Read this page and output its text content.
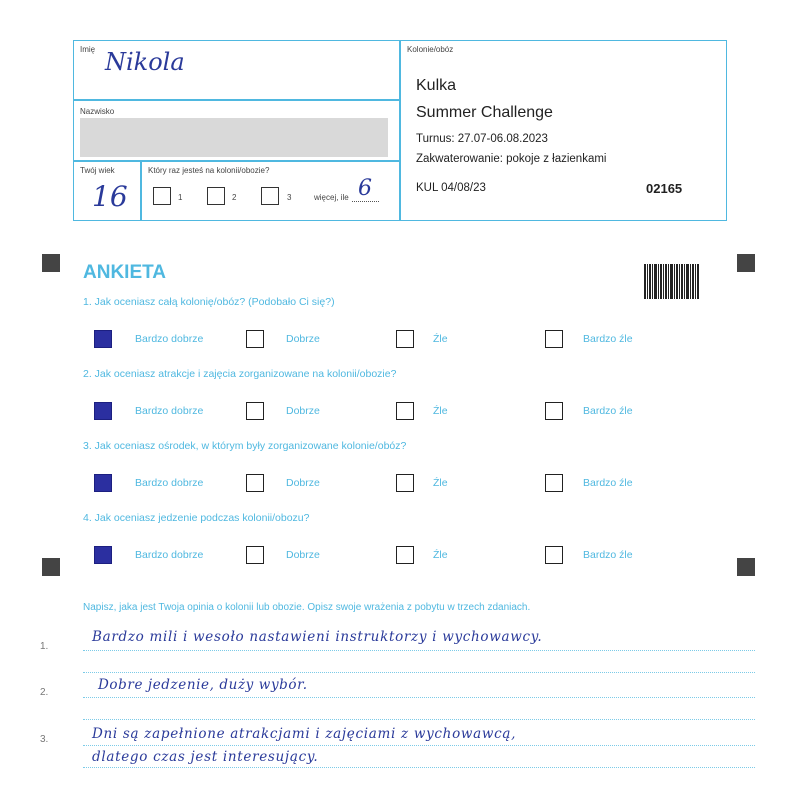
Imię Nikola
Nazwisko
Twój wiek
16
Który raz jesteś na kolonii/obozie?
1	2	3	więcej, ile 6
Kolonie/obóz
Kulka
Summer Challenge
Turnus: 27.07-06.08.2023
Zakwaterowanie: pokoje z łazienkami
KUL 04/08/23	02165
ANKIETA
1. Jak oceniasz całą kolonię/obóz? (Podobało Ci się?)
Bardzo dobrze	Dobrze	Źle	Bardzo źle
2. Jak oceniasz atrakcje i zajęcia zorganizowane na kolonii/obozie?
Bardzo dobrze	Dobrze	Źle	Bardzo źle
3. Jak oceniasz ośrodek, w którym były zorganizowane kolonie/obóz?
Bardzo dobrze	Dobrze	Źle	Bardzo źle
4. Jak oceniasz jedzenie podczas kolonii/obozu?
Bardzo dobrze	Dobrze	Źle	Bardzo źle
Napisz, jaka jest Twoja opinia o kolonii lub obozie. Opisz swoje wrażenia z pobytu w trzech zdaniach.
1.
2.
3.
Bardzo mili i wesoło nastawieni instruktorzy i wychowawcy.
Dobre jedzenie, duży wybór.
Dni są zapełnione atrakcjami i zajęciami z wychowawcą,
dlatego czas jest interesujący.
